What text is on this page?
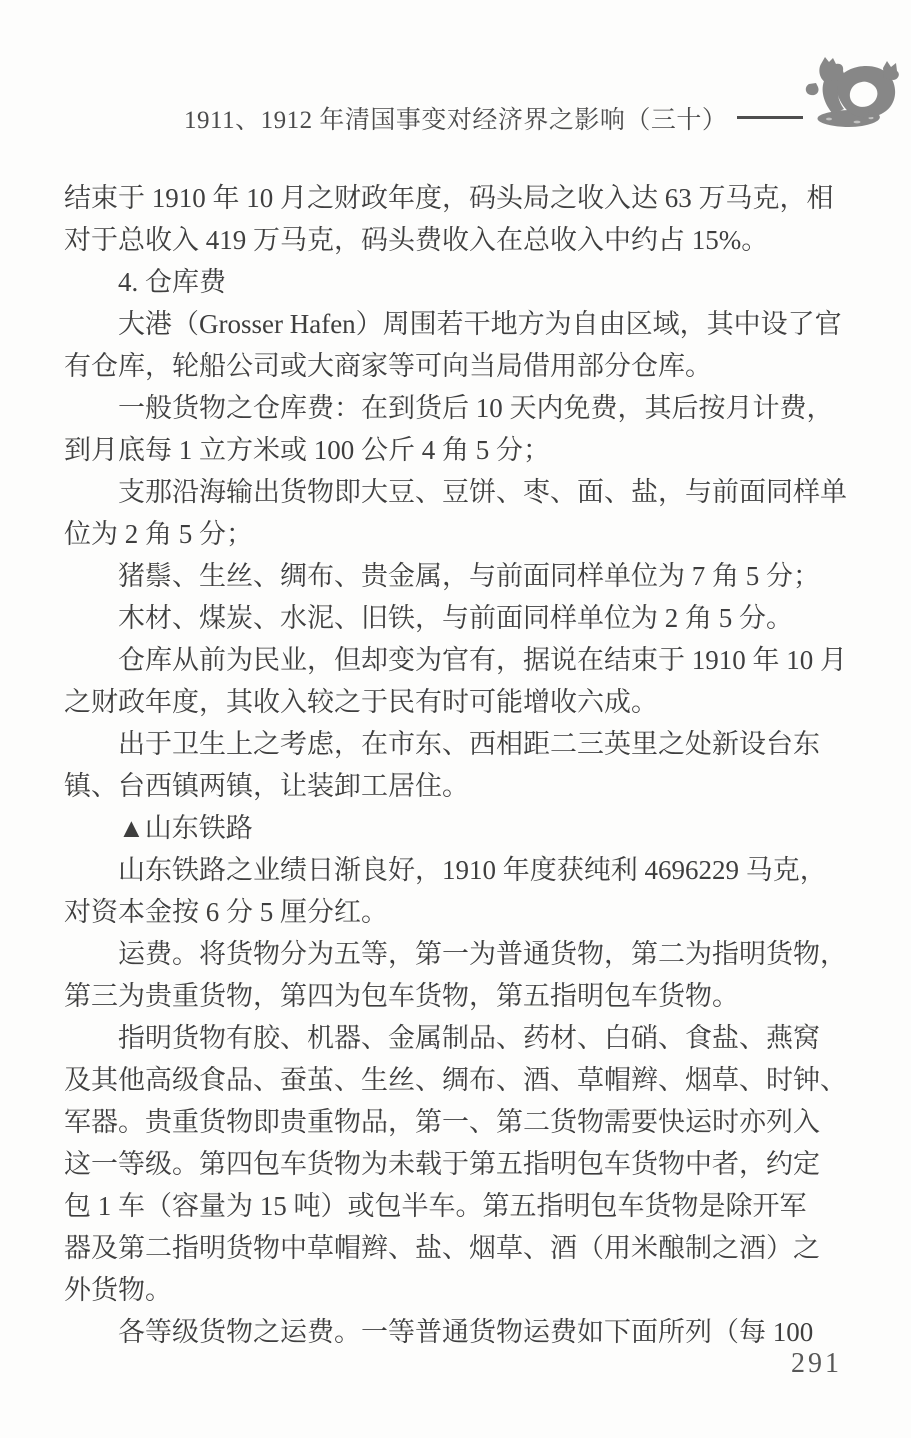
1911、1912 年清国事变对经济界之影响（三十）
结束于 1910 年 10 月之财政年度，码头局之收入达 63 万马克，相
对于总收入 419 万马克，码头费收入在总收入中约占 15%。
4. 仓库费
大港（Grosser Hafen）周围若干地方为自由区域，其中设了官
有仓库，轮船公司或大商家等可向当局借用部分仓库。
一般货物之仓库费：在到货后 10 天内免费，其后按月计费，
到月底每 1 立方米或 100 公斤 4 角 5 分；
支那沿海输出货物即大豆、豆饼、枣、面、盐，与前面同样单
位为 2 角 5 分；
猪鬃、生丝、绸布、贵金属，与前面同样单位为 7 角 5 分；
木材、煤炭、水泥、旧铁，与前面同样单位为 2 角 5 分。
仓库从前为民业，但却变为官有，据说在结束于 1910 年 10 月
之财政年度，其收入较之于民有时可能增收六成。
出于卫生上之考虑，在市东、西相距二三英里之处新设台东
镇、台西镇两镇，让装卸工居住。
▲山东铁路
山东铁路之业绩日渐良好，1910 年度获纯利 4696229 马克，
对资本金按 6 分 5 厘分红。
运费。将货物分为五等，第一为普通货物，第二为指明货物，
第三为贵重货物，第四为包车货物，第五指明包车货物。
指明货物有胶、机器、金属制品、药材、白硝、食盐、燕窝
及其他高级食品、蚕茧、生丝、绸布、酒、草帽辫、烟草、时钟、
军器。贵重货物即贵重物品，第一、第二货物需要快运时亦列入
这一等级。第四包车货物为未载于第五指明包车货物中者，约定
包 1 车（容量为 15 吨）或包半车。第五指明包车货物是除开军
器及第二指明货物中草帽辫、盐、烟草、酒（用米酿制之酒）之
外货物。
各等级货物之运费。一等普通货物运费如下面所列（每 100
291
